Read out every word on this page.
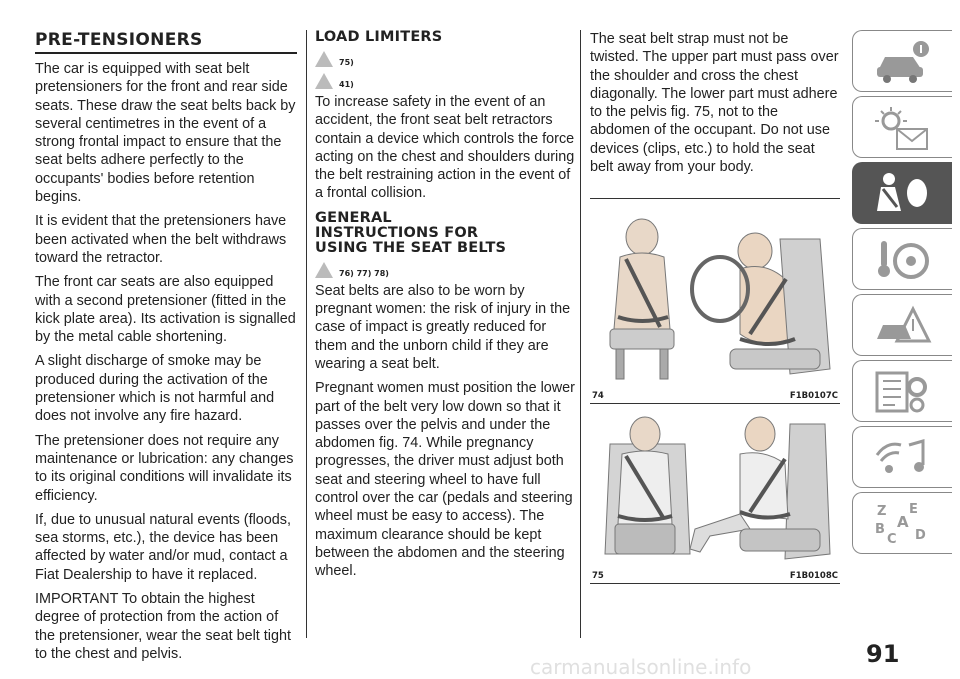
PRE-TENSIONERS

The car is equipped with seat belt pretensioners for the front and rear side seats. These draw the seat belts back by several centimetres in the event of a strong frontal impact to ensure that the seat belts adhere perfectly to the occupants' bodies before retention begins.

It is evident that the pretensioners have been activated when the belt withdraws toward the retractor.

The front car seats are also equipped with a second pretensioner (fitted in the kick plate area). Its activation is signalled by the metal cable shortening.

A slight discharge of smoke may be produced during the activation of the pretensioner which is not harmful and does not involve any fire hazard.

The pretensioner does not require any maintenance or lubrication: any changes to its original conditions will invalidate its efficiency.

If, due to unusual natural events (floods, sea storms, etc.), the device has been affected by water and/or mud, contact a Fiat Dealership to have it replaced.

IMPORTANT To obtain the highest degree of protection from the action of the pretensioner, wear the seat belt tight to the chest and pelvis.

LOAD LIMITERS
75)
41)

To increase safety in the event of an accident, the front seat belt retractors contain a device which controls the force acting on the chest and shoulders during the belt restraining action in the event of a frontal collision.

GENERAL
INSTRUCTIONS FOR
USING THE SEAT BELTS
76) 77) 78)

Seat belts are also to be worn by pregnant women: the risk of injury in the case of impact is greatly reduced for them and the unborn child if they are wearing a seat belt.

Pregnant women must position the lower part of the belt very low down so that it passes over the pelvis and under the abdomen fig. 74. While pregnancy progresses, the driver must adjust both seat and steering wheel to have full control over the car (pedals and steering wheel must be easy to access). The maximum clearance should be kept between the abdomen and the steering wheel.

The seat belt strap must not be twisted. The upper part must pass over the shoulder and cross the chest diagonally. The lower part must adhere to the pelvis fig. 75, not to the abdomen of the occupant. Do not use devices (clips, etc.) to hold the seat belt away from your body.

74	F1B0107C
75	F1B0108C
Z E
A
B
C D
91
carmanualsonline.info
